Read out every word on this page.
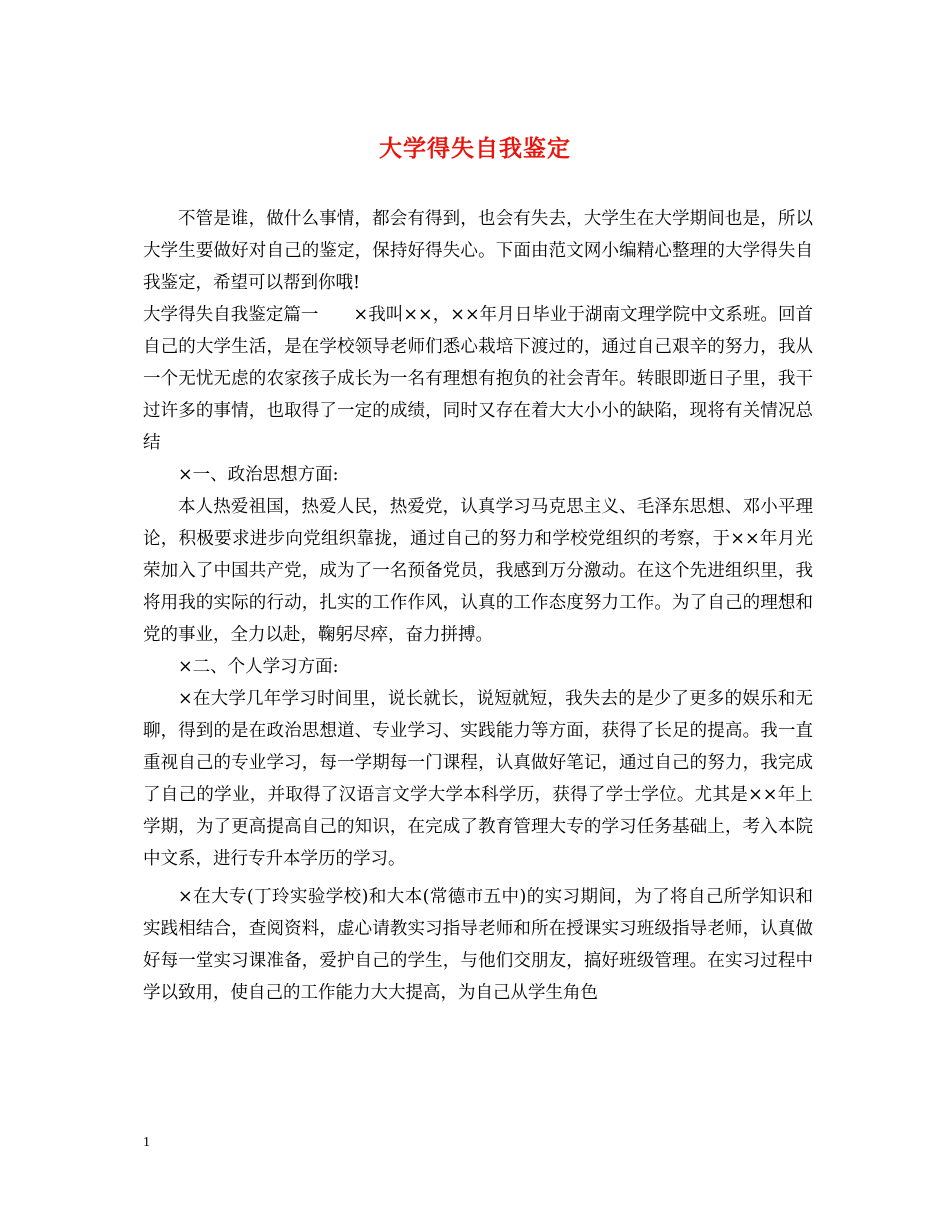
大学得失自我鉴定

不管是谁，做什么事情，都会有得到，也会有失去，大学生在大学期间也是，所以大学生要做好对自己的鉴定，保持好得失心。下面由范文网小编精心整理的大学得失自我鉴定，希望可以帮到你哦!

大学得失自我鉴定篇一　　×我叫××，××年月日毕业于湖南文理学院中文系班。回首自己的大学生活，是在学校领导老师们悉心栽培下渡过的，通过自己艰辛的努力，我从一个无忧无虑的农家孩子成长为一名有理想有抱负的社会青年。转眼即逝日子里，我干过许多的事情，也取得了一定的成绩，同时又存在着大大小小的缺陷，现将有关情况总结

×一、政治思想方面:

本人热爱祖国，热爱人民，热爱党，认真学习马克思主义、毛泽东思想、邓小平理论，积极要求进步向党组织靠拢，通过自己的努力和学校党组织的考察，于××年月光荣加入了中国共产党，成为了一名预备党员，我感到万分激动。在这个先进组织里，我将用我的实际的行动，扎实的工作作风，认真的工作态度努力工作。为了自己的理想和党的事业，全力以赴，鞠躬尽瘁，奋力拼搏。

×二、个人学习方面:

×在大学几年学习时间里，说长就长，说短就短，我失去的是少了更多的娱乐和无聊，得到的是在政治思想道、专业学习、实践能力等方面，获得了长足的提高。我一直重视自己的专业学习，每一学期每一门课程，认真做好笔记，通过自己的努力，我完成了自己的学业，并取得了汉语言文学大学本科学历，获得了学士学位。尤其是××年上学期，为了更高提高自己的知识，在完成了教育管理大专的学习任务基础上，考入本院中文系，进行专升本学历的学习。

×在大专(丁玲实验学校)和大本(常德市五中)的实习期间，为了将自己所学知识和实践相结合，查阅资料，虚心请教实习指导老师和所在授课实习班级指导老师，认真做好每一堂实习课准备，爱护自己的学生，与他们交朋友，搞好班级管理。在实习过程中学以致用，使自己的工作能力大大提高，为自己从学生角色

1
